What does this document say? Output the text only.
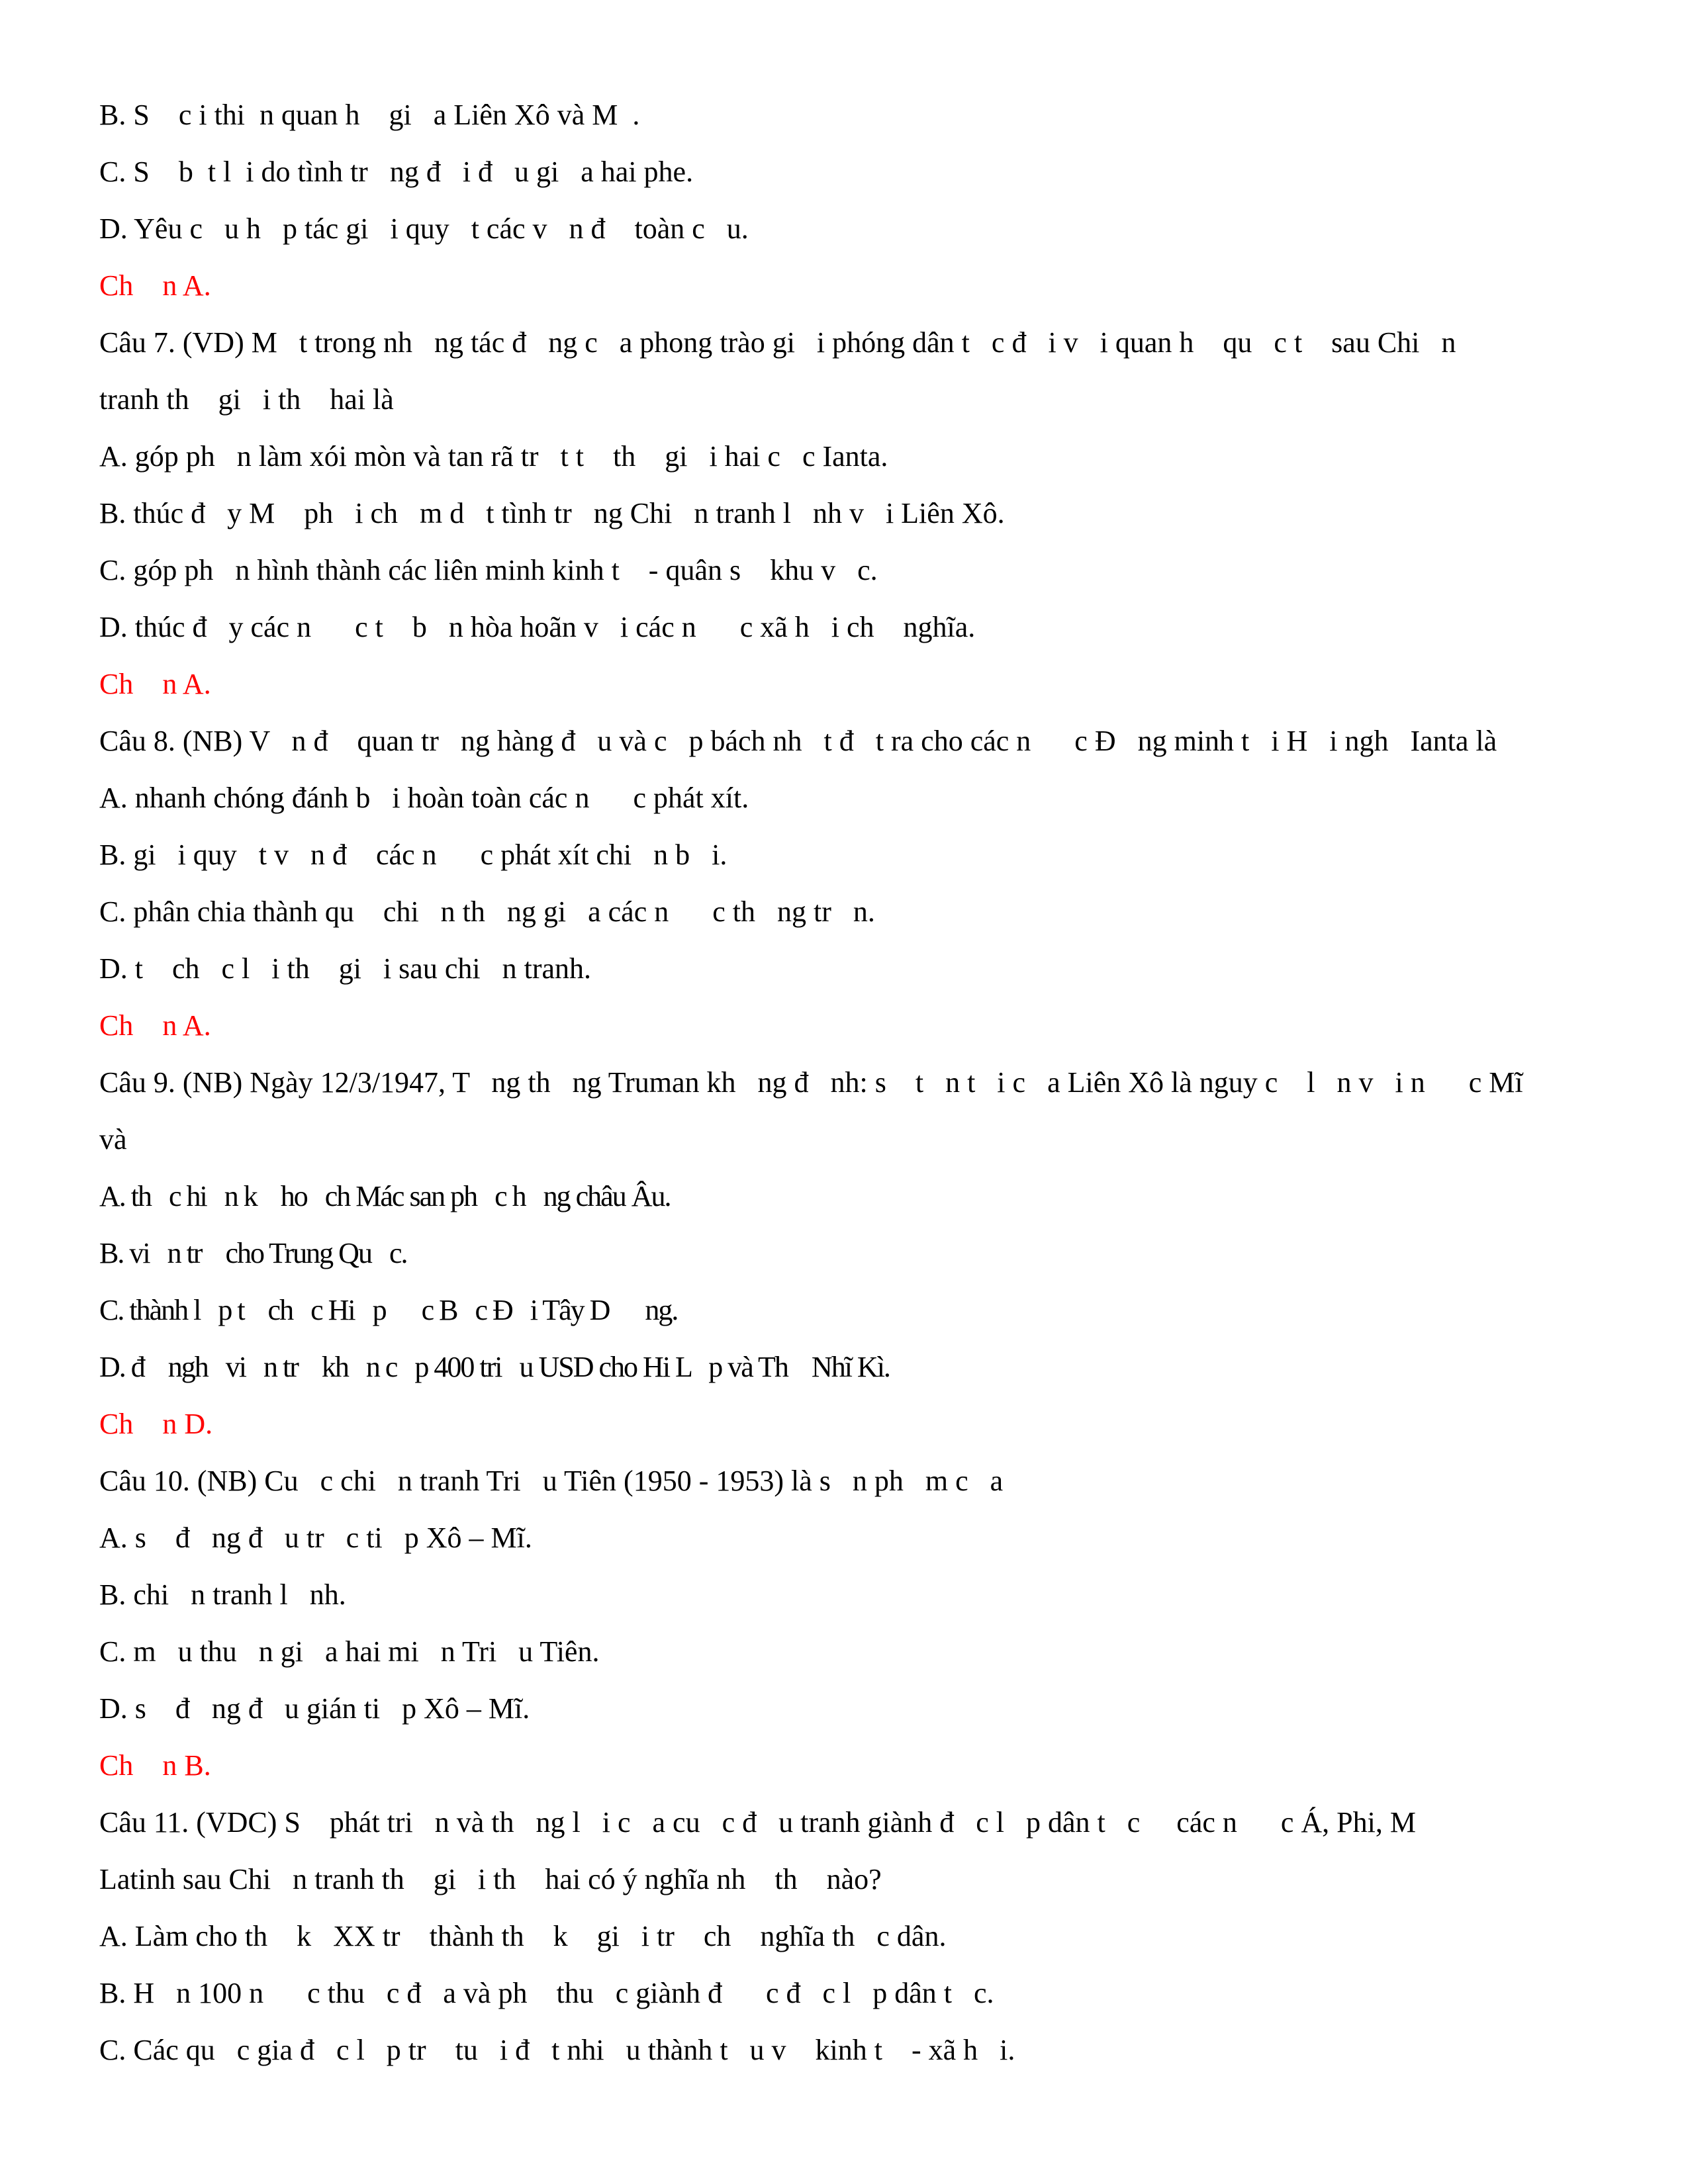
B. S    c i thi  n quan h    gi   a Liên Xô và M  .
C. S    b  t l  i do tình tr   ng đ   i đ   u gi   a hai phe.
D. Yêu c   u h   p tác gi   i quy   t các v   n đ    toàn c   u.
Ch    n A.
Câu 7. (VD) M   t trong nh   ng tác đ   ng c   a phong trào gi   i phóng dân t   c đ   i v   i quan h    qu   c t    sau Chi   n
tranh th    gi   i th    hai là
A. góp ph   n làm xói mòn và tan rã tr   t t    th    gi   i hai c   c Ianta.
B. thúc đ   y M    ph   i ch   m d   t tình tr   ng Chi   n tranh l   nh v   i Liên Xô.
C. góp ph   n hình thành các liên minh kinh t    - quân s    khu v   c.
D. thúc đ   y các n      c t    b   n hòa hoãn v   i các n      c xã h   i ch    nghĩa.
Ch    n A.
Câu 8. (NB) V   n đ    quan tr   ng hàng đ   u và c   p bách nh   t đ   t ra cho các n      c Đ   ng minh t   i H   i ngh   Ianta là
A. nhanh chóng đánh b   i hoàn toàn các n      c phát xít.
B. gi   i quy   t v   n đ    các n      c phát xít chi   n b   i.
C. phân chia thành qu    chi   n th   ng gi   a các n      c th   ng tr   n.
D. t    ch   c l   i th    gi   i sau chi   n tranh.
Ch    n A.
Câu 9. (NB) Ngày 12/3/1947, T   ng th   ng Truman kh   ng đ   nh: s    t   n t   i c   a Liên Xô là nguy c    l   n v   i n      c Mĩ
và
A. th   c hi   n k    ho   ch Mác san ph   c h   ng châu Âu.
B. vi   n tr    cho Trung Qu   c.
C. thành l   p t    ch   c Hi   p      c B   c Đ   i Tây D      ng.
D. đ    ngh   vi   n tr    kh   n c   p 400 tri   u USD cho Hi L   p và Th    Nhĩ Kì.
Ch    n D.
Câu 10. (NB) Cu   c chi   n tranh Tri   u Tiên (1950 - 1953) là s   n ph   m c   a
A. s    đ   ng đ   u tr   c ti   p Xô – Mĩ.
B. chi   n tranh l   nh.
C. m   u thu   n gi   a hai mi   n Tri   u Tiên.
D. s    đ   ng đ   u gián ti   p Xô – Mĩ.
Ch    n B.
Câu 11. (VDC) S    phát tri   n và th   ng l   i c   a cu   c đ   u tranh giành đ   c l   p dân t   c     các n      c Á, Phi, M
Latinh sau Chi   n tranh th    gi   i th    hai có ý nghĩa nh    th    nào?
A. Làm cho th    k   XX tr    thành th    k    gi   i tr    ch    nghĩa th   c dân.
B. H   n 100 n      c thu   c đ   a và ph    thu   c giành đ      c đ   c l   p dân t   c.
C. Các qu   c gia đ   c l   p tr    tu   i đ   t nhi   u thành t   u v    kinh t    - xã h   i.
